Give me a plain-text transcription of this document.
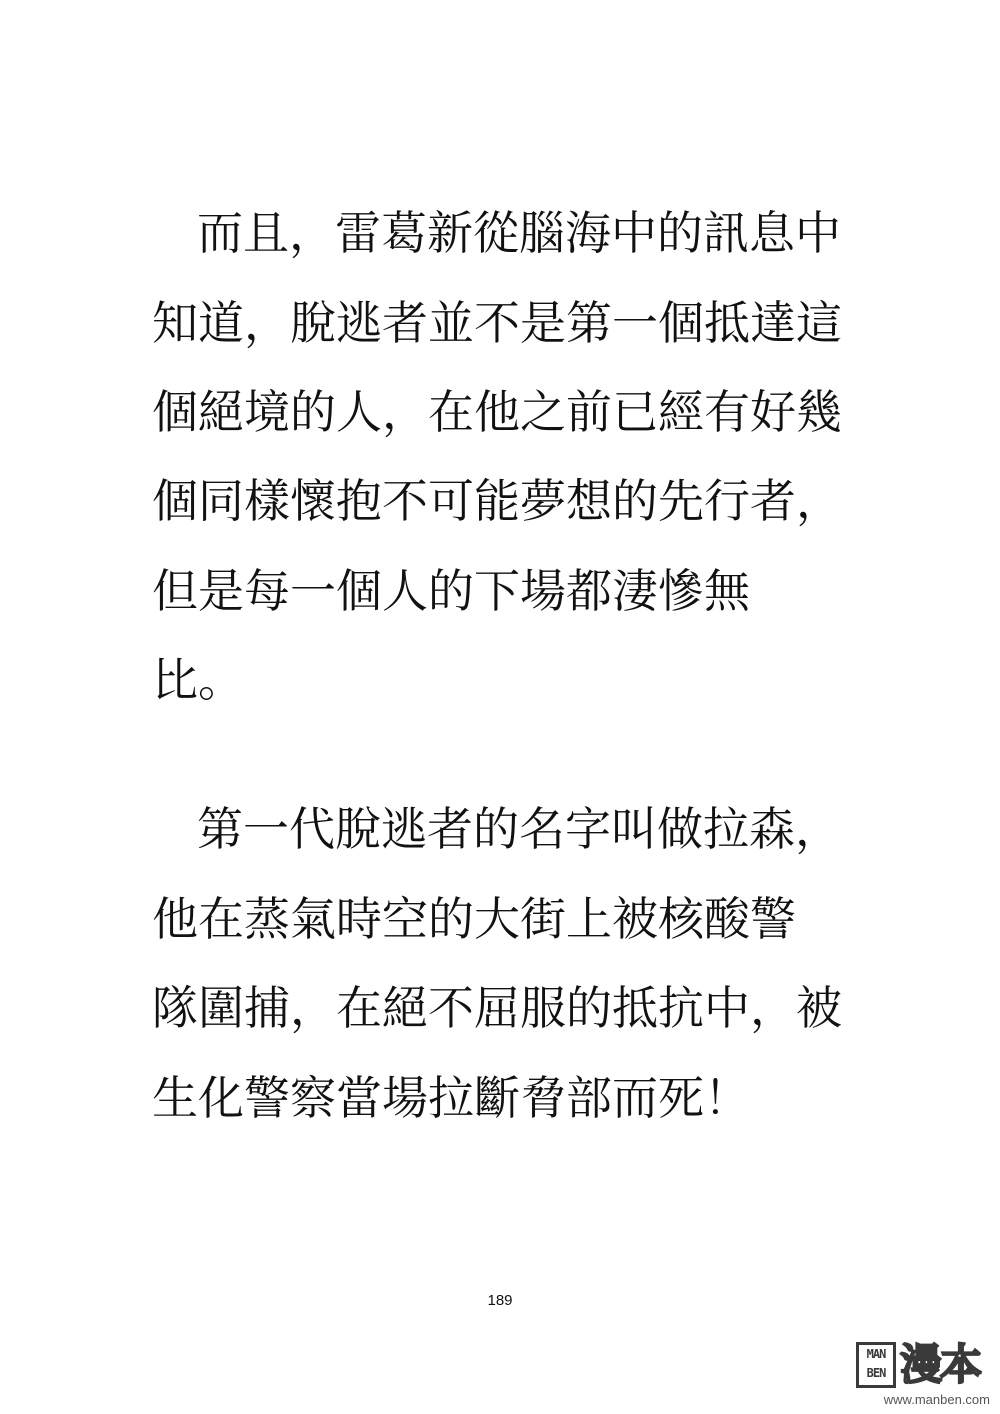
而且，雷葛新從腦海中的訊息中
知道，脫逃者並不是第一個抵達這
個絕境的人，在他之前已經有好幾
個同樣懷抱不可能夢想的先行者，
但是每一個人的下場都淒慘無
比。
第一代脫逃者的名字叫做拉森，
他在蒸氣時空的大街上被核酸警
隊圍捕，在絕不屈服的抵抗中，被
生化警察當場拉斷脅部而死！
189
MAN
BEN 漫本
www.manben.com
